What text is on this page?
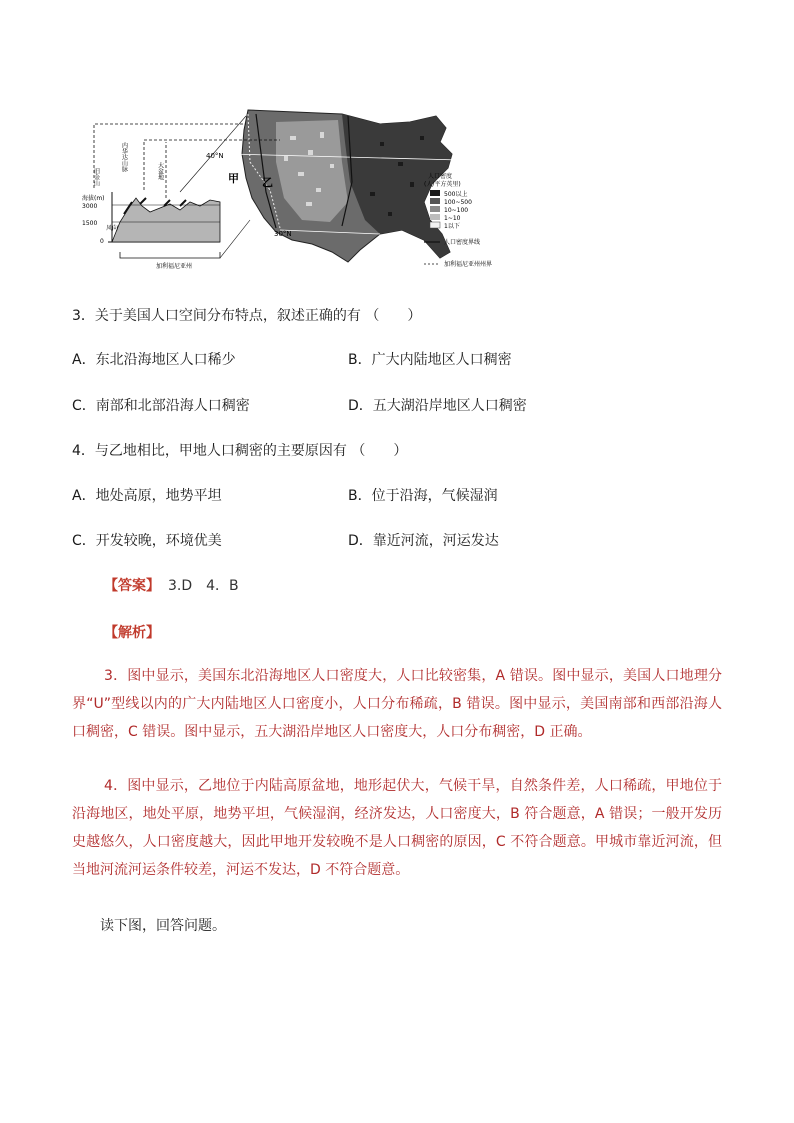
40°N
30°N
甲 乙	人口密度
(人/平方英里)
500以上
100~500
10~100
1~10
1以下
人口密度界线
加利福尼亚州州界
海拔(m)
3000
1500
0
旧金山
内华达山脉	大盆地
风向
加利福尼亚州
3．关于美国人口空间分布特点，叙述正确的有 （　　）
A．东北沿海地区人口稀少	B．广大内陆地区人口稠密
C．南部和北部沿海人口稠密	D．五大湖沿岸地区人口稠密
4．与乙地相比，甲地人口稠密的主要原因有 （　　）
A．地处高原，地势平坦	B．位于沿海，气候湿润
C．开发较晚，环境优美	D．靠近河流，河运发达
【答案】 3.D　4．B
【解析】
3．图中显示，美国东北沿海地区人口密度大，人口比较密集，A 错误。图中显示，美国人口地理分界“U”型线以内的广大内陆地区人口密度小，人口分布稀疏，B 错误。图中显示，美国南部和西部沿海人口稠密，C 错误。图中显示，五大湖沿岸地区人口密度大，人口分布稠密，D 正确。
4．图中显示，乙地位于内陆高原盆地，地形起伏大，气候干旱，自然条件差，人口稀疏，甲地位于沿海地区，地处平原，地势平坦，气候湿润，经济发达，人口密度大，B 符合题意，A 错误；一般开发历史越悠久，人口密度越大，因此甲地开发较晚不是人口稠密的原因，C 不符合题意。甲城市靠近河流，但当地河流河运条件较差，河运不发达，D 不符合题意。
读下图，回答问题。
